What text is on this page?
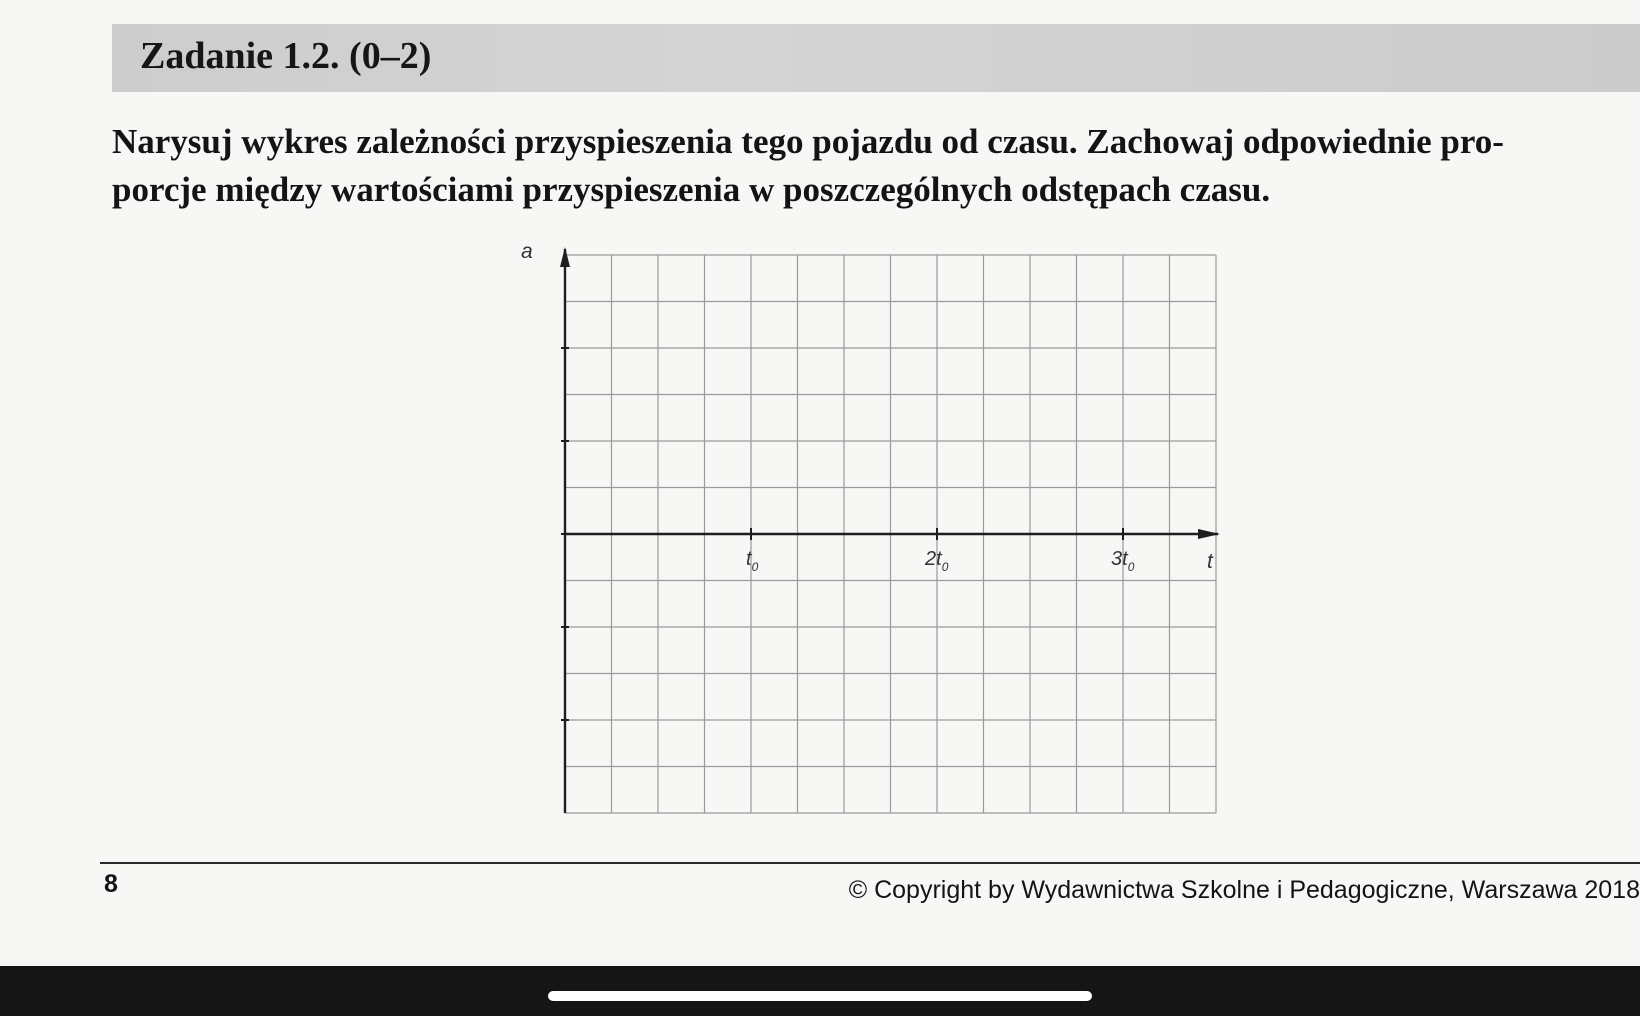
Zadanie 1.2. (0–2)
Narysuj wykres zależności przyspieszenia tego pojazdu od czasu. Zachowaj odpowiednie pro-
porcje między wartościami przyspieszenia w poszczególnych odstępach czasu.
a
t
$t_0$	$2t_0$	$3t_0$
8	© Copyright by Wydawnictwa Szkolne i Pedagogiczne, Warszawa 2018
